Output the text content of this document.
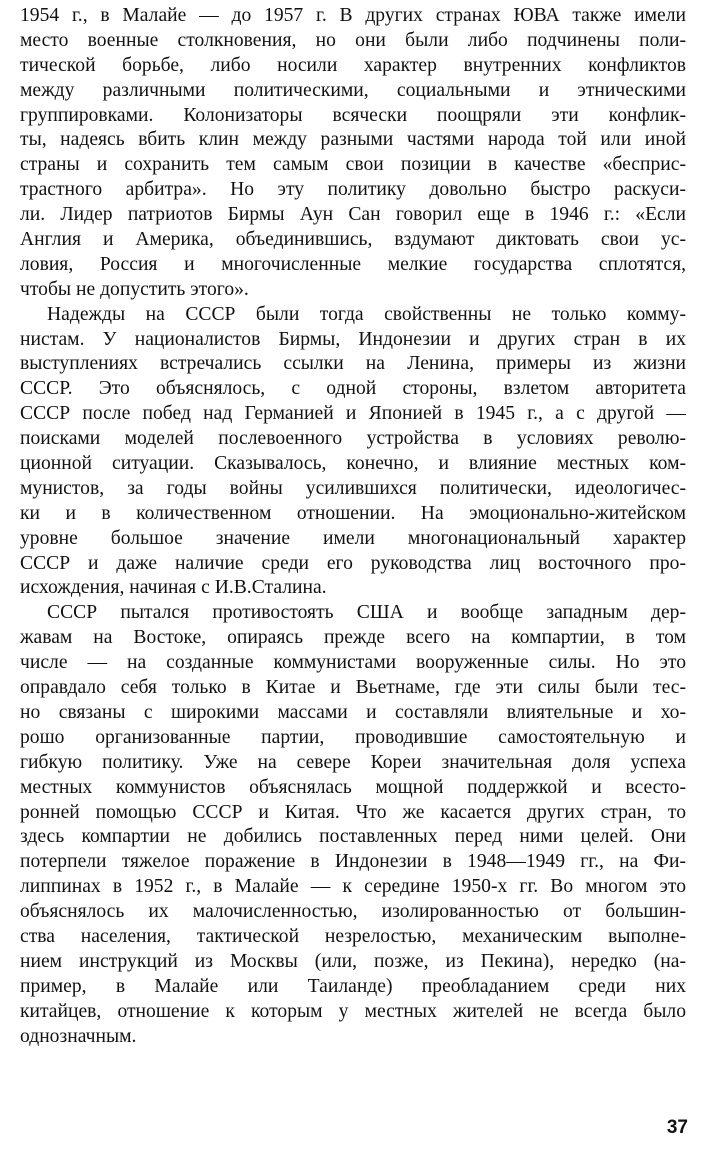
1954 г., в Малайе — до 1957 г. В других странах ЮВА также имели
место военные столкновения, но они были либо подчинены поли-
тической борьбе, либо носили характер внутренних конфликтов
между различными политическими, социальными и этническими
группировками. Колонизаторы всячески поощряли эти конфлик-
ты, надеясь вбить клин между разными частями народа той или иной
страны и сохранить тем самым свои позиции в качестве «бесприс-
трастного арбитра». Но эту политику довольно быстро раскуси-
ли. Лидер патриотов Бирмы Аун Сан говорил еще в 1946 г.: «Если
Англия и Америка, объединившись, вздумают диктовать свои ус-
ловия, Россия и многочисленные мелкие государства сплотятся,
чтобы не допустить этого».
Надежды на СССР были тогда свойственны не только комму-
нистам. У националистов Бирмы, Индонезии и других стран в их
выступлениях встречались ссылки на Ленина, примеры из жизни
СССР. Это объяснялось, с одной стороны, взлетом авторитета
СССР после побед над Германией и Японией в 1945 г., а с другой —
поисками моделей послевоенного устройства в условиях револю-
ционной ситуации. Сказывалось, конечно, и влияние местных ком-
мунистов, за годы войны усилившихся политически, идеологичес-
ки и в количественном отношении. На эмоционально-житейском
уровне большое значение имели многонациональный характер
СССР и даже наличие среди его руководства лиц восточного про-
исхождения, начиная с И.В.Сталина.
СССР пытался противостоять США и вообще западным дер-
жавам на Востоке, опираясь прежде всего на компартии, в том
числе — на созданные коммунистами вооруженные силы. Но это
оправдало себя только в Китае и Вьетнаме, где эти силы были тес-
но связаны с широкими массами и составляли влиятельные и хо-
рошо организованные партии, проводившие самостоятельную и
гибкую политику. Уже на севере Кореи значительная доля успеха
местных коммунистов объяснялась мощной поддержкой и всесто-
ронней помощью СССР и Китая. Что же касается других стран, то
здесь компартии не добились поставленных перед ними целей. Они
потерпели тяжелое поражение в Индонезии в 1948—1949 гг., на Фи-
липпинах в 1952 г., в Малайе — к середине 1950-х гг. Во многом это
объяснялось их малочисленностью, изолированностью от большин-
ства населения, тактической незрелостью, механическим выполне-
нием инструкций из Москвы (или, позже, из Пекина), нередко (на-
пример, в Малайе или Таиланде) преобладанием среди них
китайцев, отношение к которым у местных жителей не всегда было
однозначным.
37
